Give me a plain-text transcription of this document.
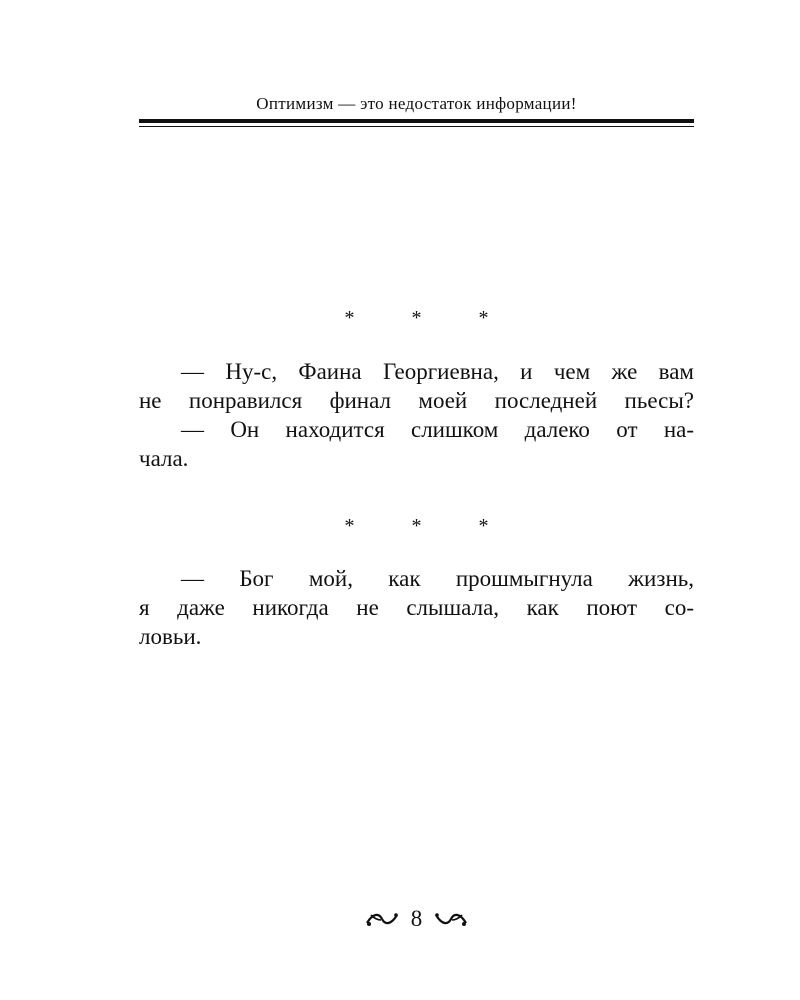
Оптимизм — это недостаток информации!
* * *
— Ну-с, Фаина Георгиевна, и чем же вам
не понравился финал моей последней пьесы?
— Он находится слишком далеко от на-
чала.
* * *
— Бог мой, как прошмыгнула жизнь,
я даже никогда не слышала, как поют со-
ловьи.
8
